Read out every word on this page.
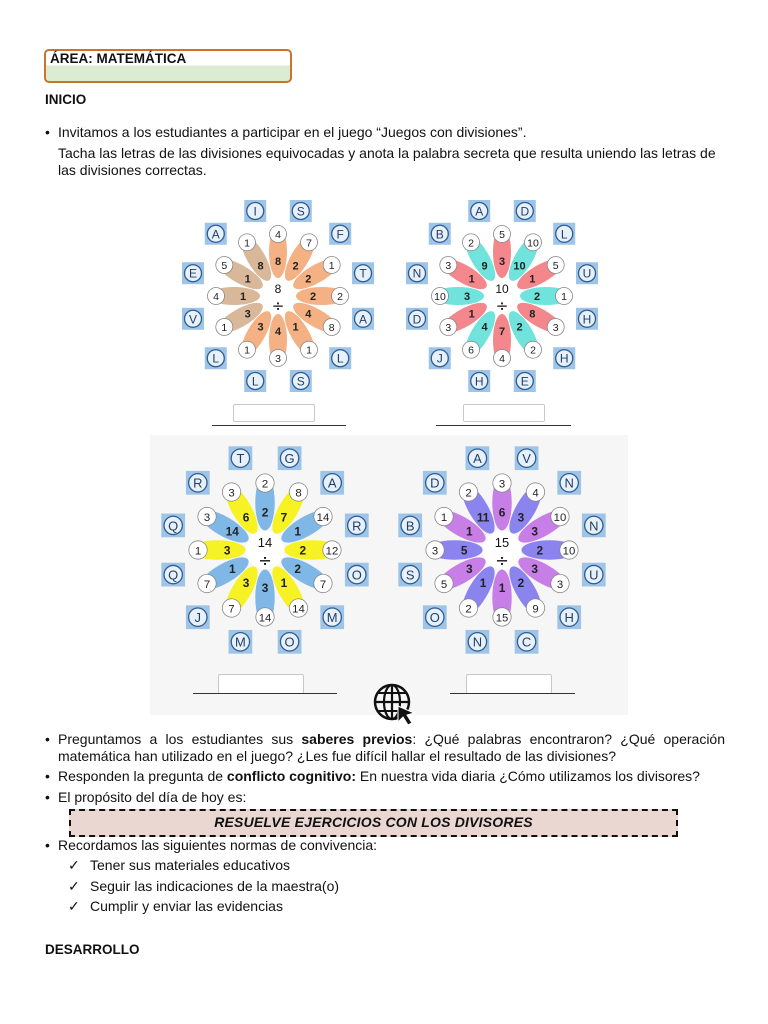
ÁREA: MATEMÁTICA
INICIO
• Invitamos a los estudiantes a participar en el juego “Juegos con divisiones”.
Tacha las letras de las divisiones equivocadas y anota la palabra secreta que resulta uniendo las letras de las divisiones correctas.
I	S
F
T
A
L
S
L
L
V
E
A
8
4
2
7
2
1
2 2
4
8
1
1
4
3
3
1
3
1
1
4
1
5	8
1
8
÷
A	D
L
U
H
H
E
H
J
D
N
B
3
5
10
10
1
5
2 1
8
3
2
2
7
4
4
6
1
3
3
10
1
3	9
2
10
÷
T	G
A
R
O
M
O
M
J
Q
Q
R
2
2
7
8
1
14
2 12
2
7
1
14
3
14
3
7
1
7
3
1
14
3	6
3
14
÷
A	V
N
N
U
H
C
N
O
S
B
D
6
3
3
4
3
10
2 10
3
3
2
9
1
15
1
2
3
5
5
3
1
1 11
2
15
÷
• Preguntamos a los estudiantes sus saberes previos: ¿Qué palabras encontraron? ¿Qué operación matemática han utilizado en el juego? ¿Les fue difícil hallar el resultado de las divisiones?
• Responden la pregunta de conflicto cognitivo: En nuestra vida diaria ¿Cómo utilizamos los divisores?
• El propósito del día de hoy es:
RESUELVE EJERCICIOS CON LOS DIVISORES
• Recordamos las siguientes normas de convivencia:
✓ Tener sus materiales educativos
✓ Seguir las indicaciones de la maestra(o)
✓ Cumplir y enviar las evidencias
DESARROLLO
